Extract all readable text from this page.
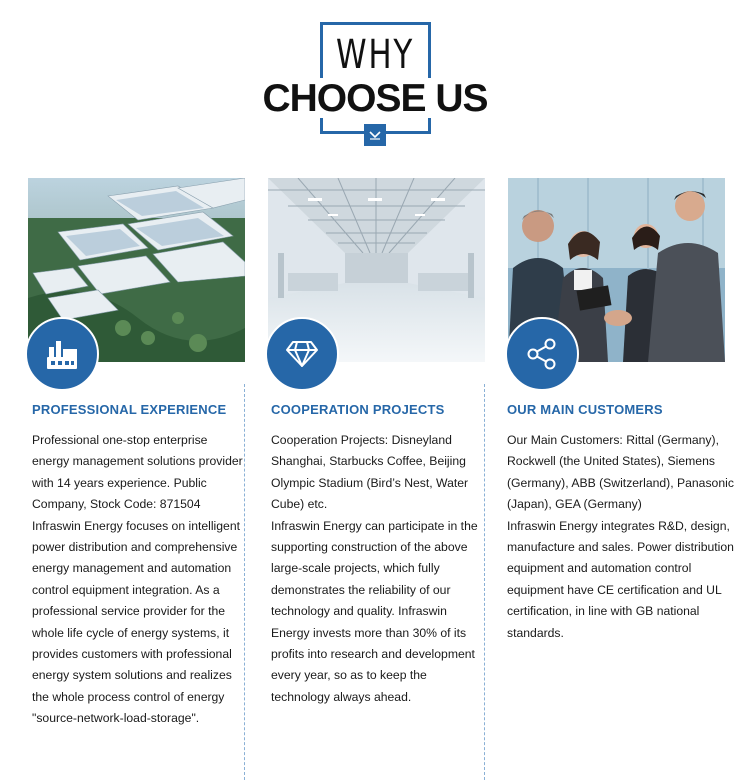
WHY
CHOOSE US
PROFESSIONAL EXPERIENCE

Professional one-stop enterprise energy management solutions provider with 14 years experience. Public Company, Stock Code: 871504

Infraswin Energy focuses on intelligent power distribution and comprehensive energy management and automation control equipment integration. As a professional service provider for the whole life cycle of energy systems, it provides customers with professional energy system solutions and realizes the whole process control of energy "source-network-load-storage".

COOPERATION PROJECTS

Cooperation Projects: Disneyland Shanghai, Starbucks Coffee, Beijing Olympic Stadium (Bird’s Nest, Water Cube) etc.

Infraswin Energy can participate in the supporting construction of the above large-scale projects, which fully demonstrates the reliability of our technology and quality. Infraswin Energy invests more than 30% of its profits into research and development every year, so as to keep the technology always ahead.

OUR MAIN CUSTOMERS

Our Main Customers: Rittal (Germany), Rockwell (the United States), Siemens (Germany), ABB (Switzerland), Panasonic (Japan), GEA (Germany)

Infraswin Energy integrates R&D, design, manufacture and sales. Power distribution equipment and automation control equipment have CE certification and UL certification, in line with GB national standards.
